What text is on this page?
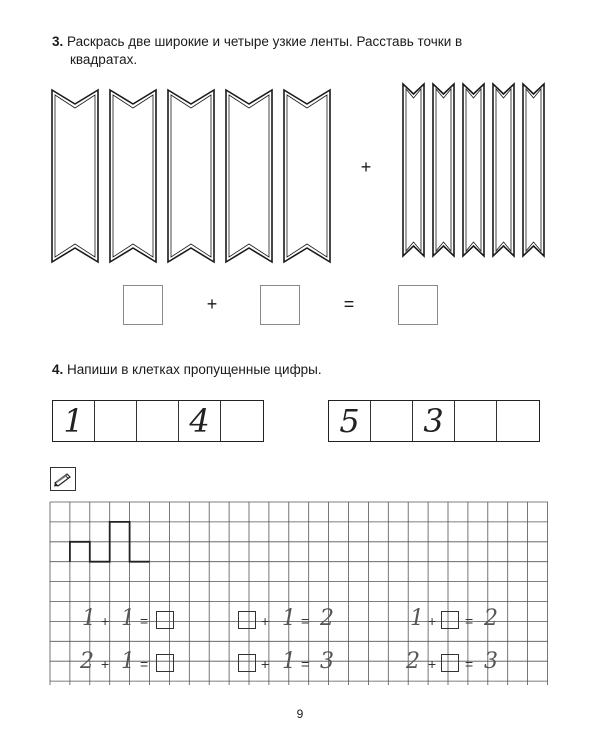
3. Раскрась две широкие и четыре узкие ленты. Расставь точки в
квадратах.
+
+	=
4. Напиши в клетках пропущенные цифры.
1	4	5	3
1 + 1 =	+ 1 = 2	1 + = 2
2 + 1 =	+ 1 = 3	2 + = 3
9
